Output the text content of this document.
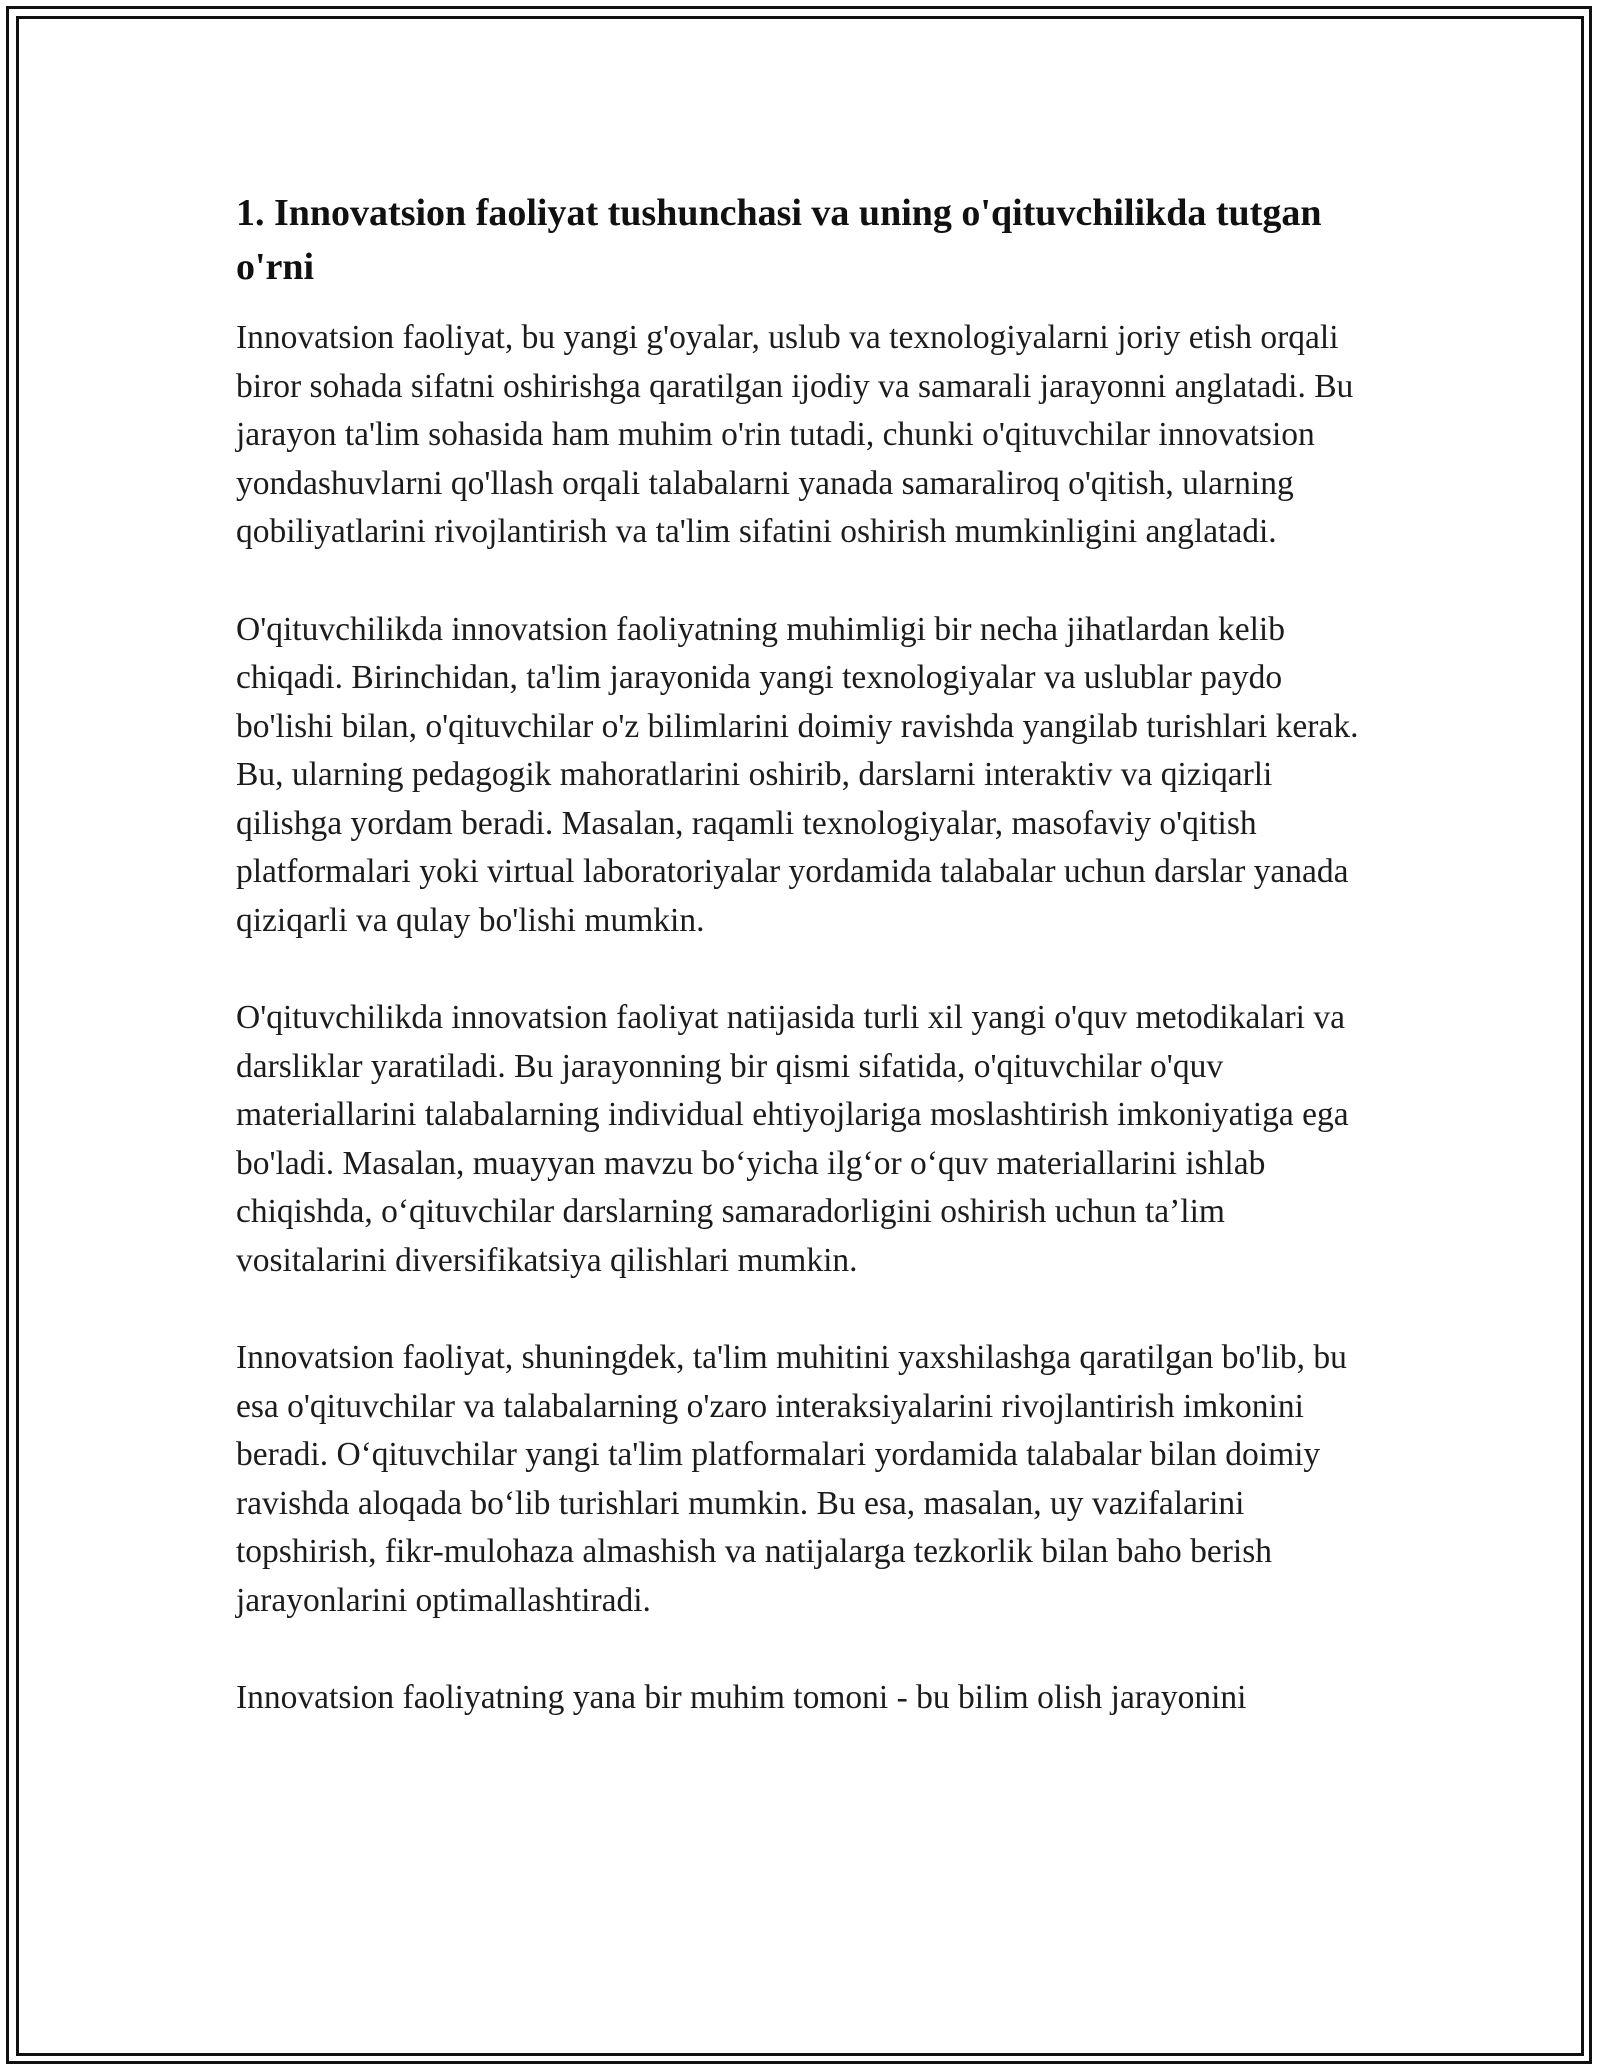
1. Innovatsion faoliyat tushunchasi va uning o'qituvchilikda tutgan o'rni

Innovatsion faoliyat, bu yangi g'oyalar, uslub va texnologiyalarni joriy etish orqali biror sohada sifatni oshirishga qaratilgan ijodiy va samarali jarayonni anglatadi. Bu jarayon ta'lim sohasida ham muhim o'rin tutadi, chunki o'qituvchilar innovatsion yondashuvlarni qo'llash orqali talabalarni yanada samaraliroq o'qitish, ularning qobiliyatlarini rivojlantirish va ta'lim sifatini oshirish mumkinligini anglatadi.

O'qituvchilikda innovatsion faoliyatning muhimligi bir necha jihatlardan kelib chiqadi. Birinchidan, ta'lim jarayonida yangi texnologiyalar va uslublar paydo bo'lishi bilan, o'qituvchilar o'z bilimlarini doimiy ravishda yangilab turishlari kerak. Bu, ularning pedagogik mahoratlarini oshirib, darslarni interaktiv va qiziqarli qilishga yordam beradi. Masalan, raqamli texnologiyalar, masofaviy o'qitish platformalari yoki virtual laboratoriyalar yordamida talabalar uchun darslar yanada qiziqarli va qulay bo'lishi mumkin.

O'qituvchilikda innovatsion faoliyat natijasida turli xil yangi o'quv metodikalari va darsliklar yaratiladi. Bu jarayonning bir qismi sifatida, o'qituvchilar o'quv materiallarini talabalarning individual ehtiyojlariga moslashtirish imkoniyatiga ega bo'ladi. Masalan, muayyan mavzu bo‘yicha ilg‘or o‘quv materiallarini ishlab chiqishda, o‘qituvchilar darslarning samaradorligini oshirish uchun ta’lim vositalarini diversifikatsiya qilishlari mumkin.

Innovatsion faoliyat, shuningdek, ta'lim muhitini yaxshilashga qaratilgan bo'lib, bu esa o'qituvchilar va talabalarning o'zaro interaksiyalarini rivojlantirish imkonini beradi. O‘qituvchilar yangi ta'lim platformalari yordamida talabalar bilan doimiy ravishda aloqada bo‘lib turishlari mumkin. Bu esa, masalan, uy vazifalarini topshirish, fikr-mulohaza almashish va natijalarga tezkorlik bilan baho berish jarayonlarini optimallashtiradi.

Innovatsion faoliyatning yana bir muhim tomoni - bu bilim olish jarayonini
